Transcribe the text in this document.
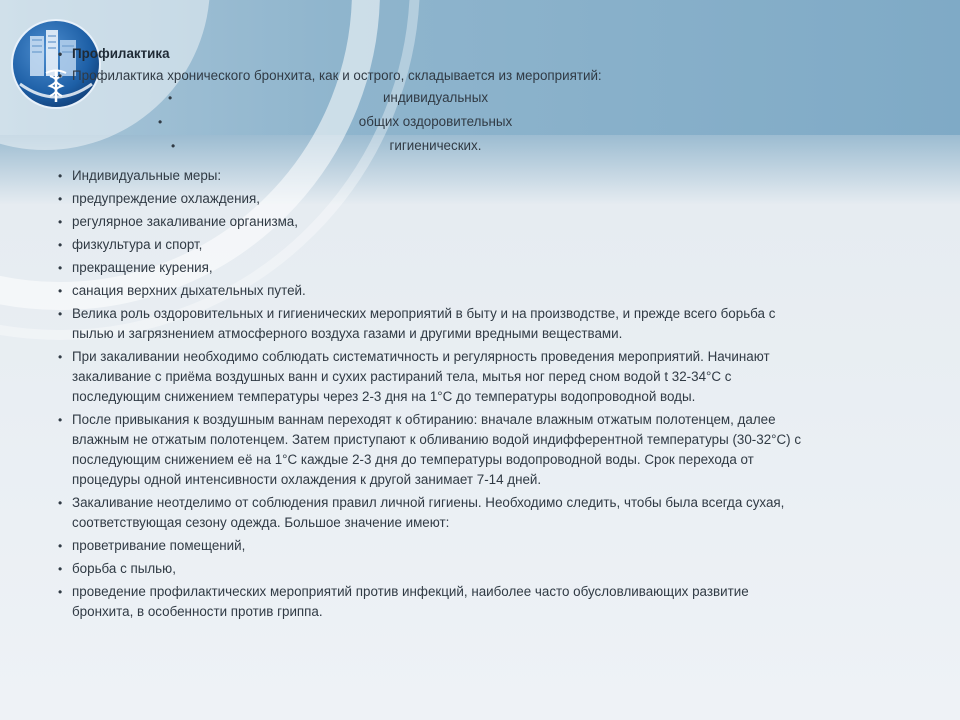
• Профилактика
• Профилактика хронического бронхита, как и острого, складывается из мероприятий:
•	индивидуальных
•	общих оздоровительных
•	гигиенических.
• Индивидуальные меры:
• предупреждение охлаждения,
• регулярное закаливание организма,
• физкультура и спорт,
• прекращение курения,
• санация верхних дыхательных путей.
• Велика роль оздоровительных и гигиенических мероприятий в быту и на производстве, и прежде всего борьба с пылью и загрязнением атмосферного воздуха газами и другими вредными веществами.
• При закаливании необходимо соблюдать систематичность и регулярность проведения мероприятий. Начинают закаливание с приёма воздушных ванн и сухих растираний тела, мытья ног перед сном водой t 32-34°С с последующим снижением температуры через 2-3 дня на 1°С до температуры водопроводной воды.
• После привыкания к воздушным ваннам переходят к обтиранию: вначале влажным отжатым полотенцем, далее влажным не отжатым полотенцем. Затем приступают к обливанию водой индифферентной температуры (30-32°С) с последующим снижением её на 1°С каждые 2-3 дня до температуры водопроводной воды. Срок перехода от процедуры одной интенсивности охлаждения к другой занимает 7-14 дней.
• Закаливание неотделимо от соблюдения правил личной гигиены. Необходимо следить, чтобы была всегда сухая, соответствующая сезону одежда. Большое значение имеют:
• проветривание помещений,
• борьба с пылью,
• проведение профилактических мероприятий против инфекций, наиболее часто обусловливающих развитие бронхита, в особенности против гриппа.
